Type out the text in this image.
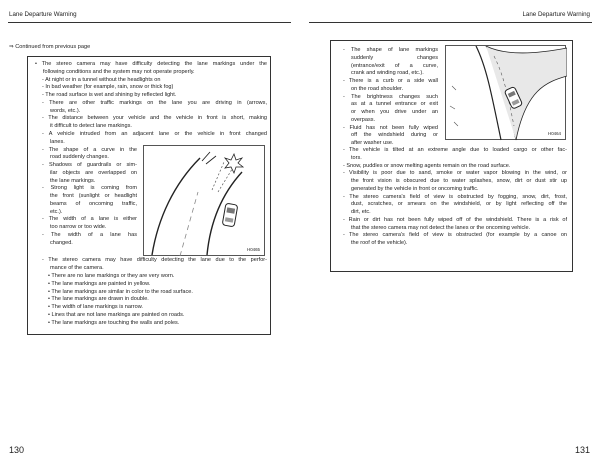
Lane Departure Warning	Lane Departure Warning
⇒ Continued from previous page

• The stereo camera may have difficulty detecting the lane markings under the

following conditions and the system may not operate properly.

- At night or in a tunnel without the headlights on

- In bad weather (for example, rain, snow or thick fog)

- The road surface is wet and shining by reflected light.

- There are other traffic markings on the lane you are driving in (arrows,

words, etc.).

- The distance between your vehicle and the vehicle in front is short, making

it difficult to detect lane markings.

- A vehicle intruded from an adjacent lane or the vehicle in front changed

lanes.

- The shape of a curve in the

road suddenly changes.

- Shadows of guardrails or sim-

ilar objects are overlapped on

the lane markings.

- Strong light is coming from

the front (sunlight or headlight

beams of oncoming traffic,

etc.).

- The width of a lane is either

too narrow or too wide.

- The width of a lane has

changed.

H0465

- The stereo camera may have difficulty detecting the lane due to the perfor-

mance of the camera.

• There are no lane markings or they are very worn.

• The lane markings are painted in yellow.

• The lane markings are similar in color to the road surface.

• The lane markings are drawn in double.

• The width of lane markings is narrow.

• Lines that are not lane markings are painted on roads.

• The lane markings are touching the walls and poles.

- The shape of lane markings

suddenly changes

(entrance/exit of a curve,

crank and winding road, etc.).

- There is a curb or a side wall

on the road shoulder.

- The brightness changes such

as at a tunnel entrance or exit

or when you drive under an

overpass.

- Fluid has not been fully wiped

off the windshield during or

after washer use.

H0464

- The vehicle is tilted at an extreme angle due to loaded cargo or other fac-

tors.

- Snow, puddles or snow melting agents remain on the road surface.

- Visibility is poor due to sand, smoke or water vapor blowing in the wind, or

the front vision is obscured due to water splashes, snow, dirt or dust stir up

generated by the vehicle in front or oncoming traffic.

- The stereo camera's field of view is obstructed by fogging, snow, dirt, frost,

dust, scratches, or smears on the windshield, or by light reflecting off the

dirt, etc.

- Rain or dirt has not been fully wiped off of the windshield. There is a risk of

that the stereo camera may not detect the lanes or the oncoming vehicle.

- The stereo camera's field of view is obstructed (for example by a canoe on

the roof of the vehicle).

130	131
